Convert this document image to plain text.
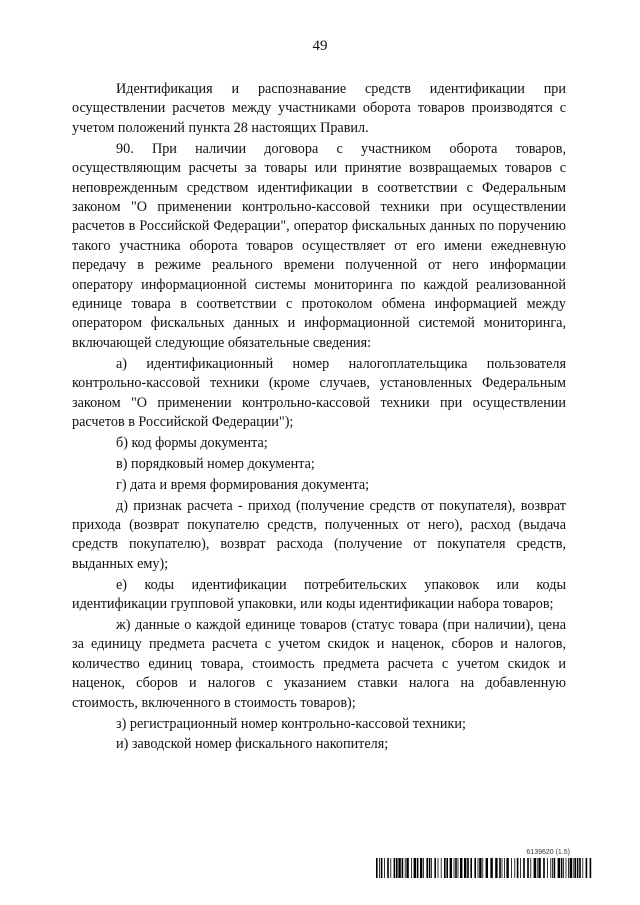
49

Идентификация и распознавание средств идентификации при осуществлении расчетов между участниками оборота товаров производятся с учетом положений пункта 28 настоящих Правил.

90. При наличии договора с участником оборота товаров, осуществляющим расчеты за товары или принятие возвращаемых товаров с неповрежденным средством идентификации в соответствии с Федеральным законом "О применении контрольно-кассовой техники при осуществлении расчетов в Российской Федерации", оператор фискальных данных по поручению такого участника оборота товаров осуществляет от его имени ежедневную передачу в режиме реального времени полученной от него информации оператору информационной системы мониторинга по каждой реализованной единице товара в соответствии с протоколом обмена информацией между оператором фискальных данных и информационной системой мониторинга, включающей следующие обязательные сведения:

а) идентификационный номер налогоплательщика пользователя контрольно-кассовой техники (кроме случаев, установленных Федеральным законом "О применении контрольно-кассовой техники при осуществлении расчетов в Российской Федерации");

б) код формы документа;

в) порядковый номер документа;

г) дата и время формирования документа;

д) признак расчета - приход (получение средств от покупателя), возврат прихода (возврат покупателю средств, полученных от него), расход (выдача средств покупателю), возврат расхода (получение от покупателя средств, выданных ему);

е) коды идентификации потребительских упаковок или коды идентификации групповой упаковки, или коды идентификации набора товаров;

ж) данные о каждой единице товаров (статус товара (при наличии), цена за единицу предмета расчета с учетом скидок и наценок, сборов и налогов, количество единиц товара, стоимость предмета расчета с учетом скидок и наценок, сборов и налогов с указанием ставки налога на добавленную стоимость, включенного в стоимость товаров);

з) регистрационный номер контрольно-кассовой техники;

и) заводской номер фискального накопителя;

6139620 (1.5)
